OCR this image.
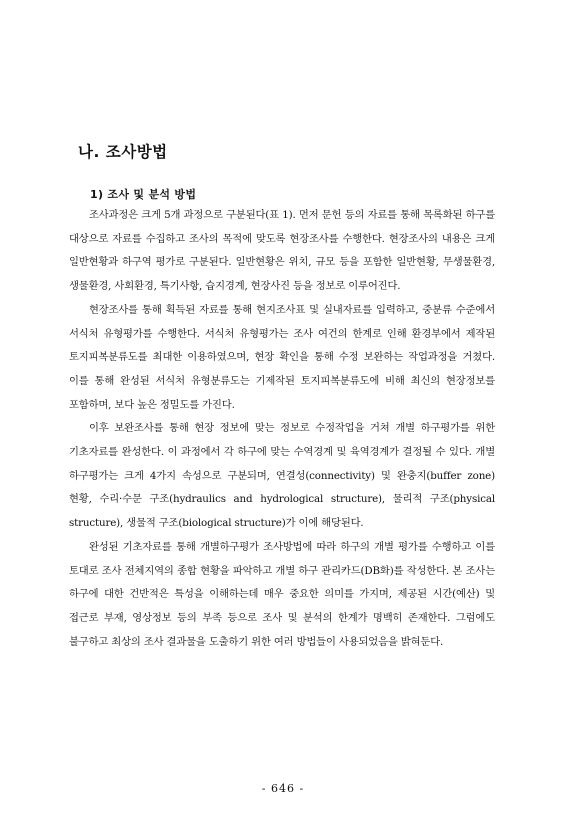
나. 조사방법
1) 조사 및 분석 방법

조사과정은 크게 5개 과정으로 구분된다(표 1). 먼저 문헌 등의 자료를 통해 목록화된 하구를 대상으로 자료를 수집하고 조사의 목적에 맞도록 현장조사를 수행한다. 현장조사의 내용은 크게 일반현황과 하구역 평가로 구분된다. 일반현황은 위치, 규모 등을 포함한 일반현황, 무생물환경, 생물환경, 사회환경, 특기사항, 습지경계, 현장사진 등을 정보로 이루어진다.

현장조사를 통해 획득된 자료를 통해 현지조사표 및 실내자료를 입력하고, 중분류 수준에서 서식처 유형평가를 수행한다. 서식처 유형평가는 조사 여건의 한계로 인해 환경부에서 제작된 토지피복분류도를 최대한 이용하였으며, 현장 확인을 통해 수정 보완하는 작업과정을 거쳤다. 이를 통해 완성된 서식처 유형분류도는 기제작된 토지피복분류도에 비해 최신의 현장정보를 포함하며, 보다 높은 정밀도를 가진다.

이후 보완조사를 통해 현장 정보에 맞는 정보로 수정작업을 거쳐 개별 하구평가를 위한 기초자료를 완성한다. 이 과정에서 각 하구에 맞는 수역경계 및 육역경계가 결정될 수 있다. 개별 하구평가는 크게 4가지 속성으로 구분되며, 연결성(connectivity) 및 완충지(buffer zone) 현황, 수리·수문 구조(hydraulics and hydrological structure), 물리적 구조(physical structure), 생물적 구조(biological structure)가 이에 해당된다.

완성된 기초자료를 통해 개별하구평가 조사방법에 따라 하구의 개별 평가를 수행하고 이를 토대로 조사 전체지역의 종합 현황을 파악하고 개별 하구 관리카드(DB화)를 작성한다. 본 조사는 하구에 대한 건반적은 특성을 이해하는데 매우 중요한 의미를 가지며, 제공된 시간(예산) 및 접근로 부재, 영상정보 등의 부족 등으로 조사 및 분석의 한계가 명백히 존재한다. 그럼에도 불구하고 최상의 조사 결과물을 도출하기 위한 여러 방법들이 사용되었음을 밝혀둔다.

- 646 -
